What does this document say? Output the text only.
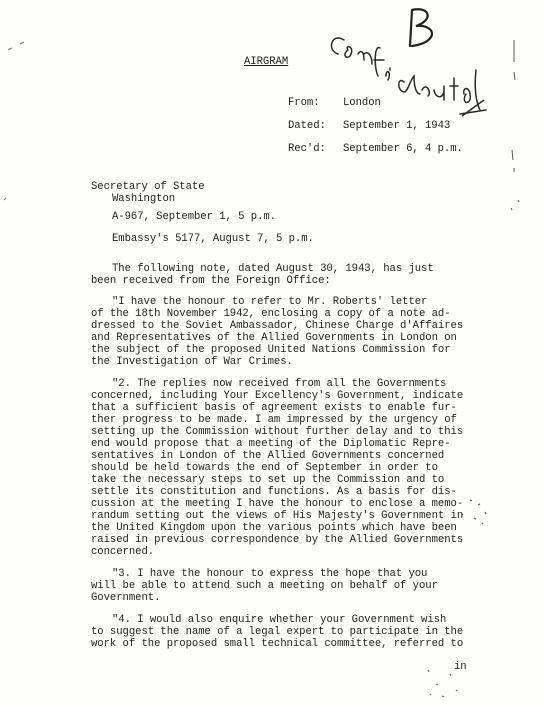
AIRGRAM
From: London
Dated: September 1, 1943
Rec'd: September 6, 4 p.m.
Secretary of State
Washington
A-967, September 1, 5 p.m.
Embassy's 5177, August 7, 5 p.m.
The following note, dated August 30, 1943, has just
been received from the Foreign Office:
"I have the honour to refer to Mr. Roberts' letter
of the 18th November 1942, enclosing a copy of a note ad-
dressed to the Soviet Ambassador, Chinese Charge d'Affaires
and Representatives of the Allied Governments in London on
the subject of the proposed United Nations Commission for
the Investigation of War Crimes.
"2. The replies now received from all the Governments
concerned, including Your Excellency's Government, indicate
that a sufficient basis of agreement exists to enable fur-
ther progress to be made. I am impressed by the urgency of
setting up the Commission without further delay and to this
end would propose that a meeting of the Diplomatic Repre-
sentatives in London of the Allied Governments concerned
should be held towards the end of September in order to
take the necessary steps to set up the Commission and to
settle its constitution and functions. As a basis for dis-
cussion at the meeting I have the honour to enclose a memo-
randum setting out the views of His Majesty's Government in
the United Kingdom upon the various points which have been
raised in previous correspondence by the Allied Governments
concerned.
"3. I have the honour to express the hope that you
will be able to attend such a meeting on behalf of your
Government.
"4. I would also enquire whether your Government wish
to suggest the name of a legal expert to participate in the
work of the proposed small technical committee, referred to
in
